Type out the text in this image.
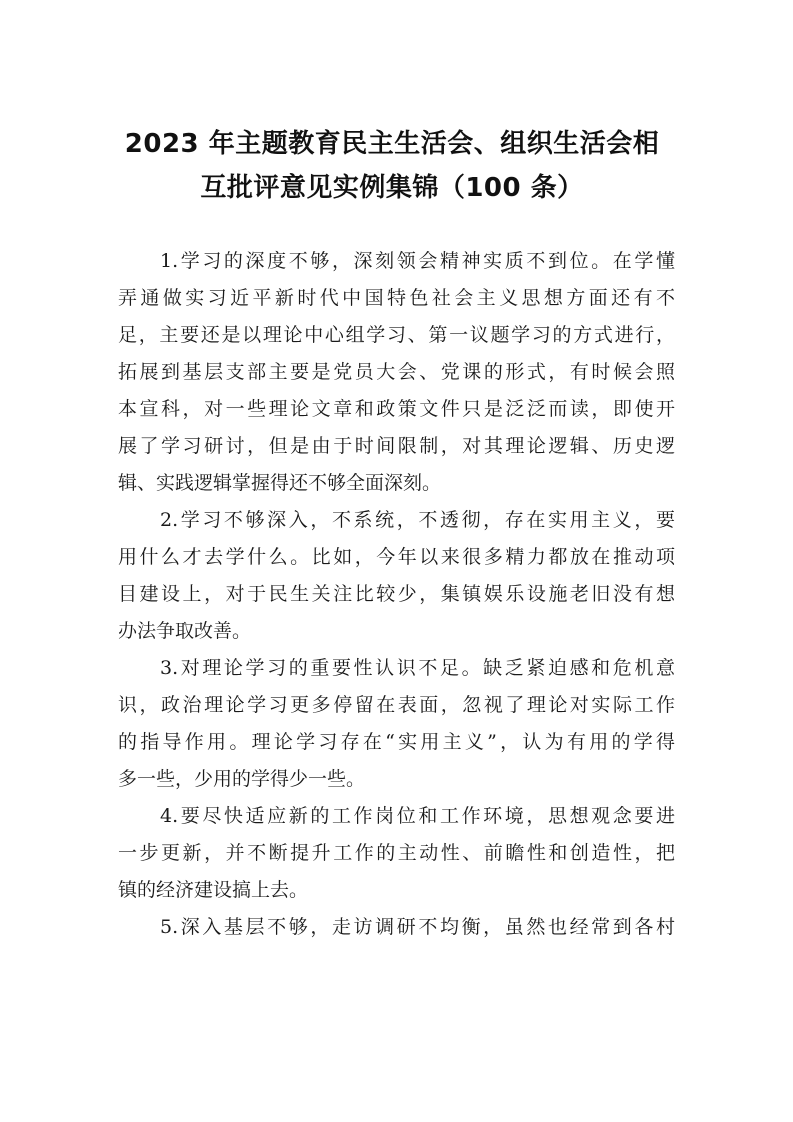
2023 年主题教育民主生活会、组织生活会相
互批评意见实例集锦（100 条）
1.学习的深度不够，深刻领会精神实质不到位。在学懂
弄通做实习近平新时代中国特色社会主义思想方面还有不
足，主要还是以理论中心组学习、第一议题学习的方式进行，
拓展到基层支部主要是党员大会、党课的形式，有时候会照
本宣科，对一些理论文章和政策文件只是泛泛而读，即使开
展了学习研讨，但是由于时间限制，对其理论逻辑、历史逻
辑、实践逻辑掌握得还不够全面深刻。
2.学习不够深入，不系统，不透彻，存在实用主义，要
用什么才去学什么。比如，今年以来很多精力都放在推动项
目建设上，对于民生关注比较少，集镇娱乐设施老旧没有想
办法争取改善。
3.对理论学习的重要性认识不足。缺乏紧迫感和危机意
识，政治理论学习更多停留在表面，忽视了理论对实际工作
的指导作用。理论学习存在“实用主义”，认为有用的学得
多一些，少用的学得少一些。
4.要尽快适应新的工作岗位和工作环境，思想观念要进
一步更新，并不断提升工作的主动性、前瞻性和创造性，把
镇的经济建设搞上去。
5.深入基层不够，走访调研不均衡，虽然也经常到各村
